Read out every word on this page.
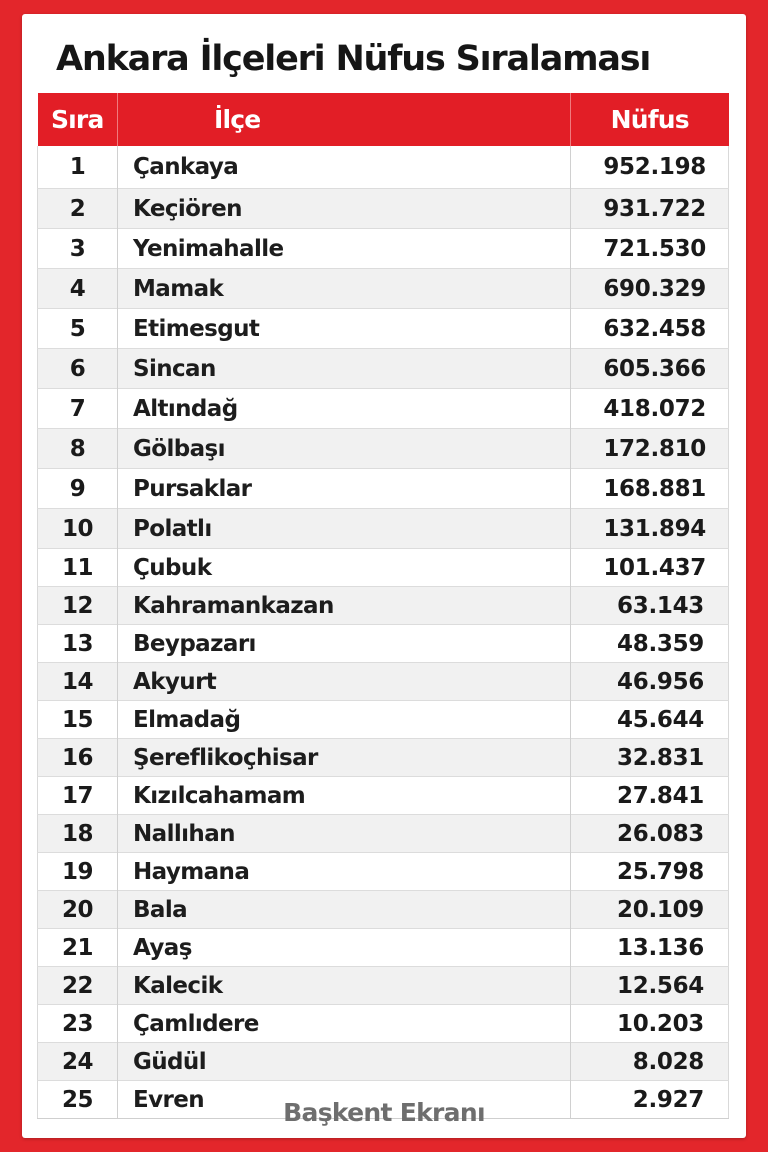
Ankara İlçeleri Nüfus Sıralaması
Sıra	İlçe	Nüfus
1	Çankaya	952.198
2	Keçiören	931.722
3	Yenimahalle	721.530
4	Mamak	690.329
5	Etimesgut	632.458
6	Sincan	605.366
7	Altındağ	418.072
8	Gölbaşı	172.810
9	Pursaklar	168.881
10	Polatlı	131.894
11	Çubuk	101.437
12	Kahramankazan	63.143
13	Beypazarı	48.359
14	Akyurt	46.956
15	Elmadağ	45.644
16	Şereflikoçhisar	32.831
17	Kızılcahamam	27.841
18	Nallıhan	26.083
19	Haymana	25.798
20	Bala	20.109
21	Ayaş	13.136
22	Kalecik	12.564
23	Çamlıdere	10.203
24	Güdül	8.028
25	Evren	2.927

Başkent Ekranı
